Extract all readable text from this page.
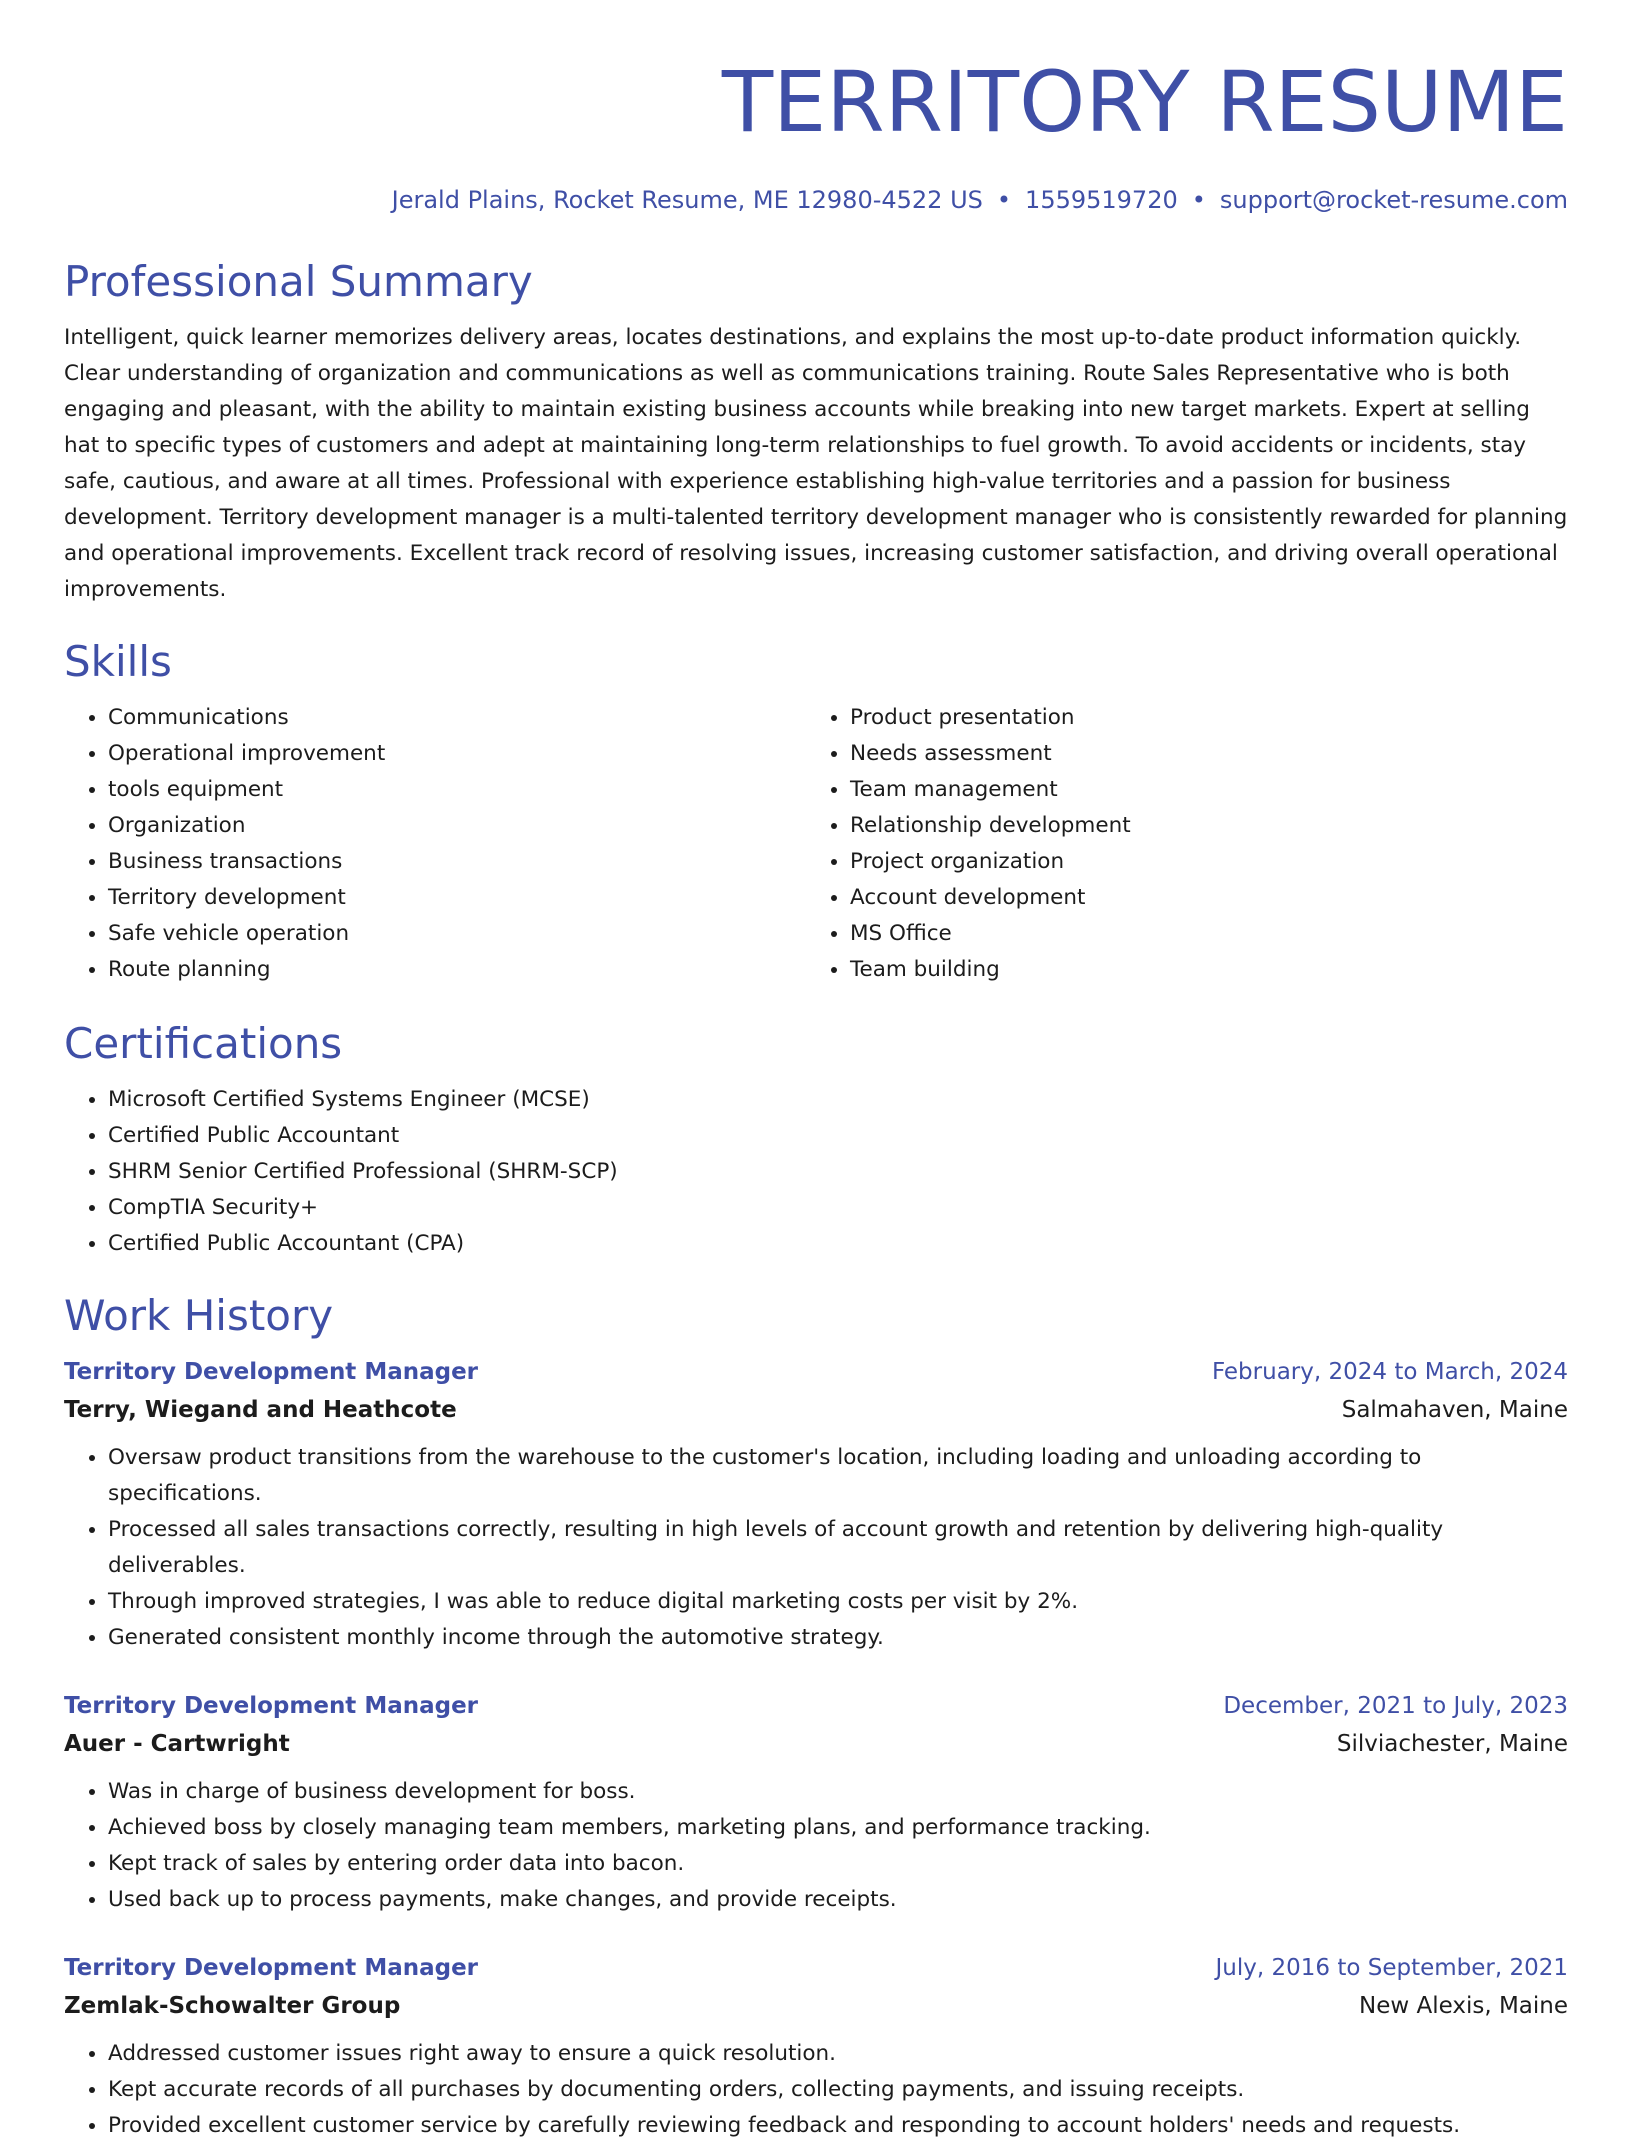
TERRITORY RESUME
Jerald Plains, Rocket Resume, ME 12980-4522 US • 1559519720 • support@rocket-resume.com
Professional Summary

Intelligent, quick learner memorizes delivery areas, locates destinations, and explains the most up-to-date product information quickly. Clear understanding of organization and communications as well as communications training. Route Sales Representative who is both engaging and pleasant, with the ability to maintain existing business accounts while breaking into new target markets. Expert at selling hat to specific types of customers and adept at maintaining long-term relationships to fuel growth. To avoid accidents or incidents, stay safe, cautious, and aware at all times. Professional with experience establishing high-value territories and a passion for business development. Territory development manager is a multi-talented territory development manager who is consistently rewarded for planning and operational improvements. Excellent track record of resolving issues, increasing customer satisfaction, and driving overall operational improvements.

Skills
• Communications
• Operational improvement
• tools equipment
• Organization
• Business transactions
• Territory development
• Safe vehicle operation
• Route planning
• Product presentation
• Needs assessment
• Team management
• Relationship development
• Project organization
• Account development
• MS Office
• Team building
Certifications
• Microsoft Certified Systems Engineer (MCSE)
• Certified Public Accountant
• SHRM Senior Certified Professional (SHRM-SCP)
• CompTIA Security+
• Certified Public Accountant (CPA)
Work History
Territory Development Manager	February, 2024 to March, 2024
Terry, Wiegand and Heathcote	Salmahaven, Maine
• Oversaw product transitions from the warehouse to the customer's location, including loading and unloading according to specifications.
• Processed all sales transactions correctly, resulting in high levels of account growth and retention by delivering high-quality deliverables.
• Through improved strategies, I was able to reduce digital marketing costs per visit by 2%.
• Generated consistent monthly income through the automotive strategy.
Territory Development Manager	December, 2021 to July, 2023
Auer - Cartwright	Silviachester, Maine
• Was in charge of business development for boss.
• Achieved boss by closely managing team members, marketing plans, and performance tracking.
• Kept track of sales by entering order data into bacon.
• Used back up to process payments, make changes, and provide receipts.
Territory Development Manager	July, 2016 to September, 2021
Zemlak-Schowalter Group	New Alexis, Maine
• Addressed customer issues right away to ensure a quick resolution.
• Kept accurate records of all purchases by documenting orders, collecting payments, and issuing receipts.
• Provided excellent customer service by carefully reviewing feedback and responding to account holders' needs and requests.
